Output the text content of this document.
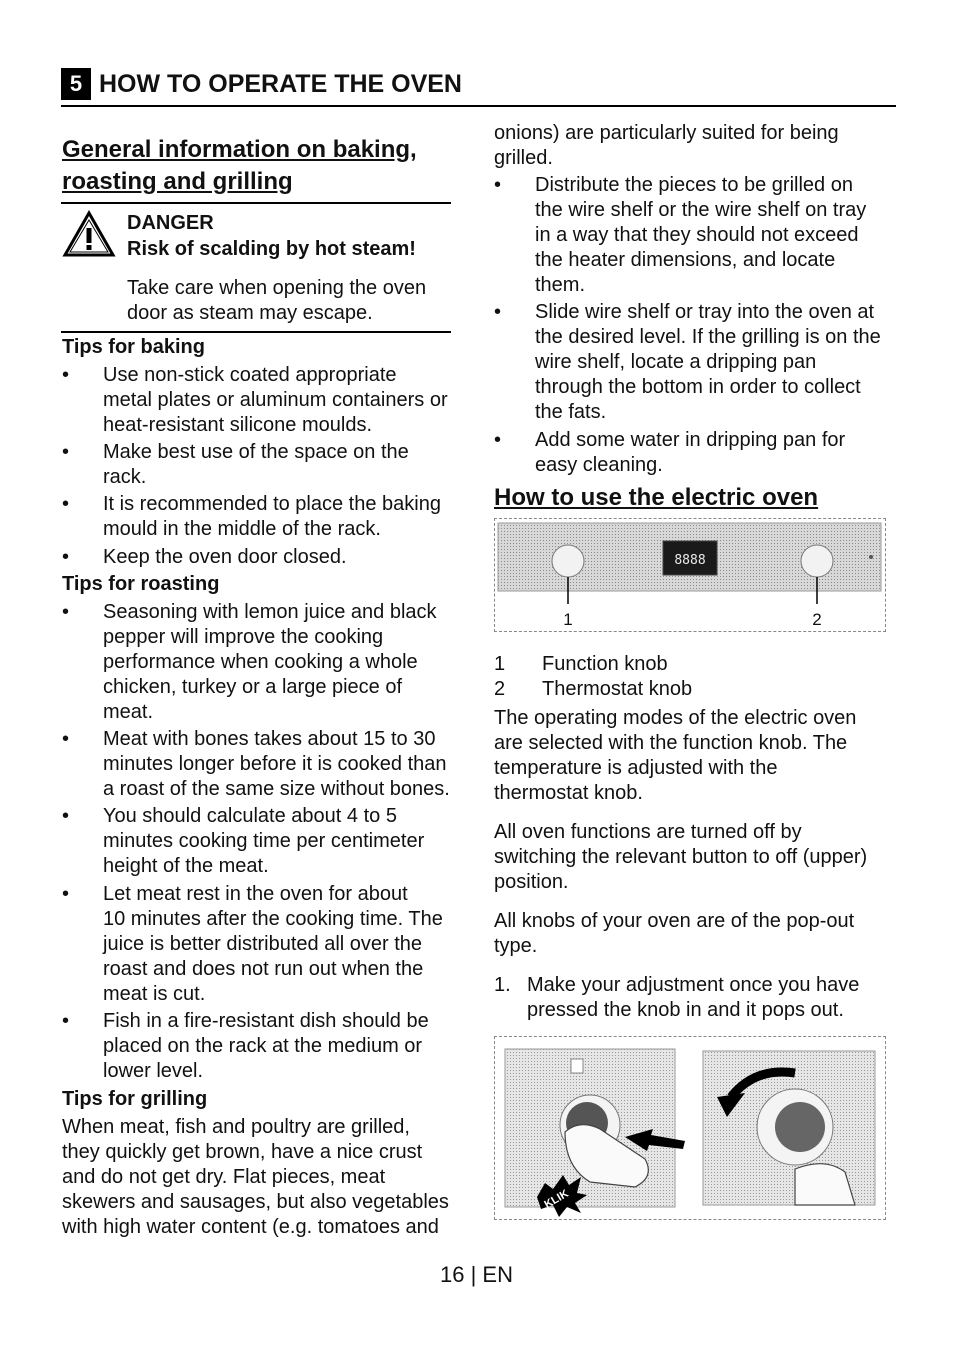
5 HOW TO OPERATE THE OVEN
General information on baking,
roasting and grilling
DANGER
Risk of scalding by hot steam!
Take care when opening the oven
door as steam may escape.
Tips for baking
• Use non-stick coated appropriate
metal plates or aluminum containers or
heat-resistant silicone moulds.
• Make best use of the space on the
rack.
• It is recommended to place the baking
mould in the middle of the rack.
• Keep the oven door closed.
Tips for roasting
• Seasoning with lemon juice and black
pepper will improve the cooking
performance when cooking a whole
chicken, turkey or a large piece of
meat.
• Meat with bones takes about 15 to 30
minutes longer before it is cooked than
a roast of the same size without bones.
• You should calculate about 4 to 5
minutes cooking time per centimeter
height of the meat.
• Let meat rest in the oven for about
10 minutes after the cooking time. The
juice is better distributed all over the
roast and does not run out when the
meat is cut.
• Fish in a fire-resistant dish should be
placed on the rack at the medium or
lower level.
Tips for grilling
When meat, fish and poultry are grilled,
they quickly get brown, have a nice crust
and do not get dry. Flat pieces, meat
skewers and sausages, but also vegetables
with high water content (e.g. tomatoes and
onions) are particularly suited for being
grilled.
• Distribute the pieces to be grilled on
the wire shelf or the wire shelf on tray
in a way that they should not exceed
the heater dimensions, and locate
them.
• Slide wire shelf or tray into the oven at
the desired level. If the grilling is on the
wire shelf, locate a dripping pan
through the bottom in order to collect
the fats.
• Add some water in dripping pan for
easy cleaning.
How to use the electric oven
8888
1	2
1 Function knob
2 Thermostat knob
The operating modes of the electric oven
are selected with the function knob. The
temperature is adjusted with the
thermostat knob.
All oven functions are turned off by
switching the relevant button to off (upper)
position.
All knobs of your oven are of the pop-out
type.
1. Make your adjustment once you have
pressed the knob in and it pops out.
KLIK
16 | EN
